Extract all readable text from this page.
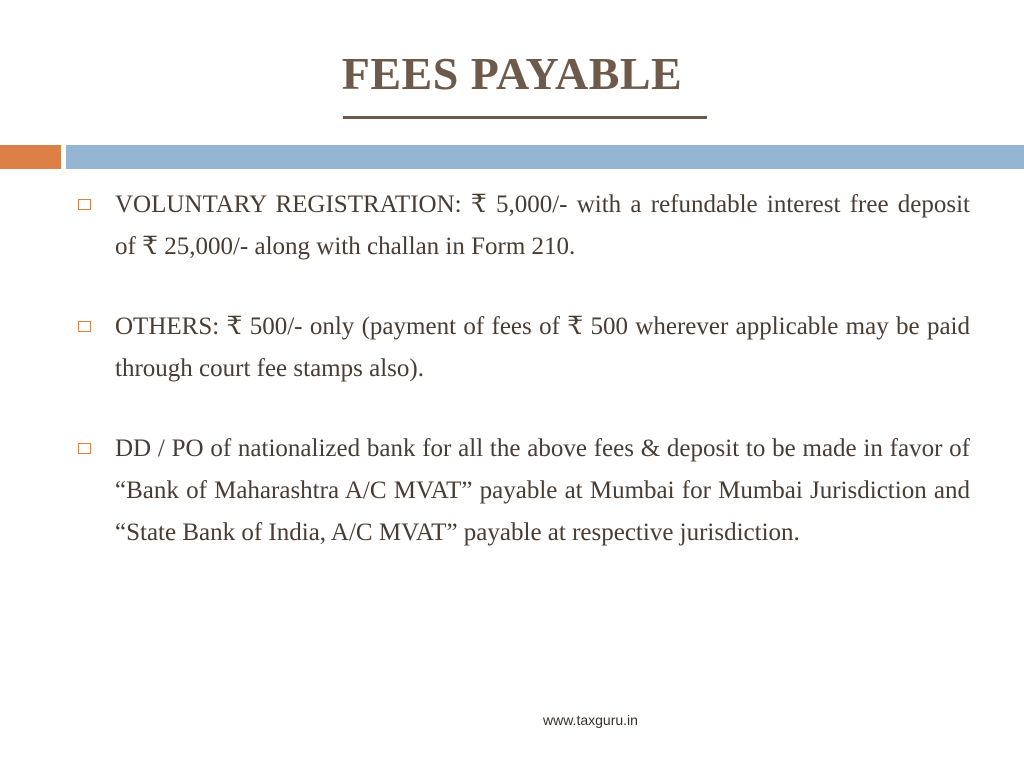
FEES PAYABLE
VOLUNTARY REGISTRATION: ₹ 5,000/- with a refundable interest free deposit of ₹ 25,000/- along with challan in Form 210.
OTHERS: ₹ 500/- only (payment of fees of ₹ 500 wherever applicable may be paid through court fee stamps also).
DD / PO of nationalized bank for all the above fees & deposit to be made in favor of “Bank of Maharashtra A/C MVAT” payable at Mumbai for Mumbai Jurisdiction and “State Bank of India, A/C MVAT” payable at respective jurisdiction.
www.taxguru.in
